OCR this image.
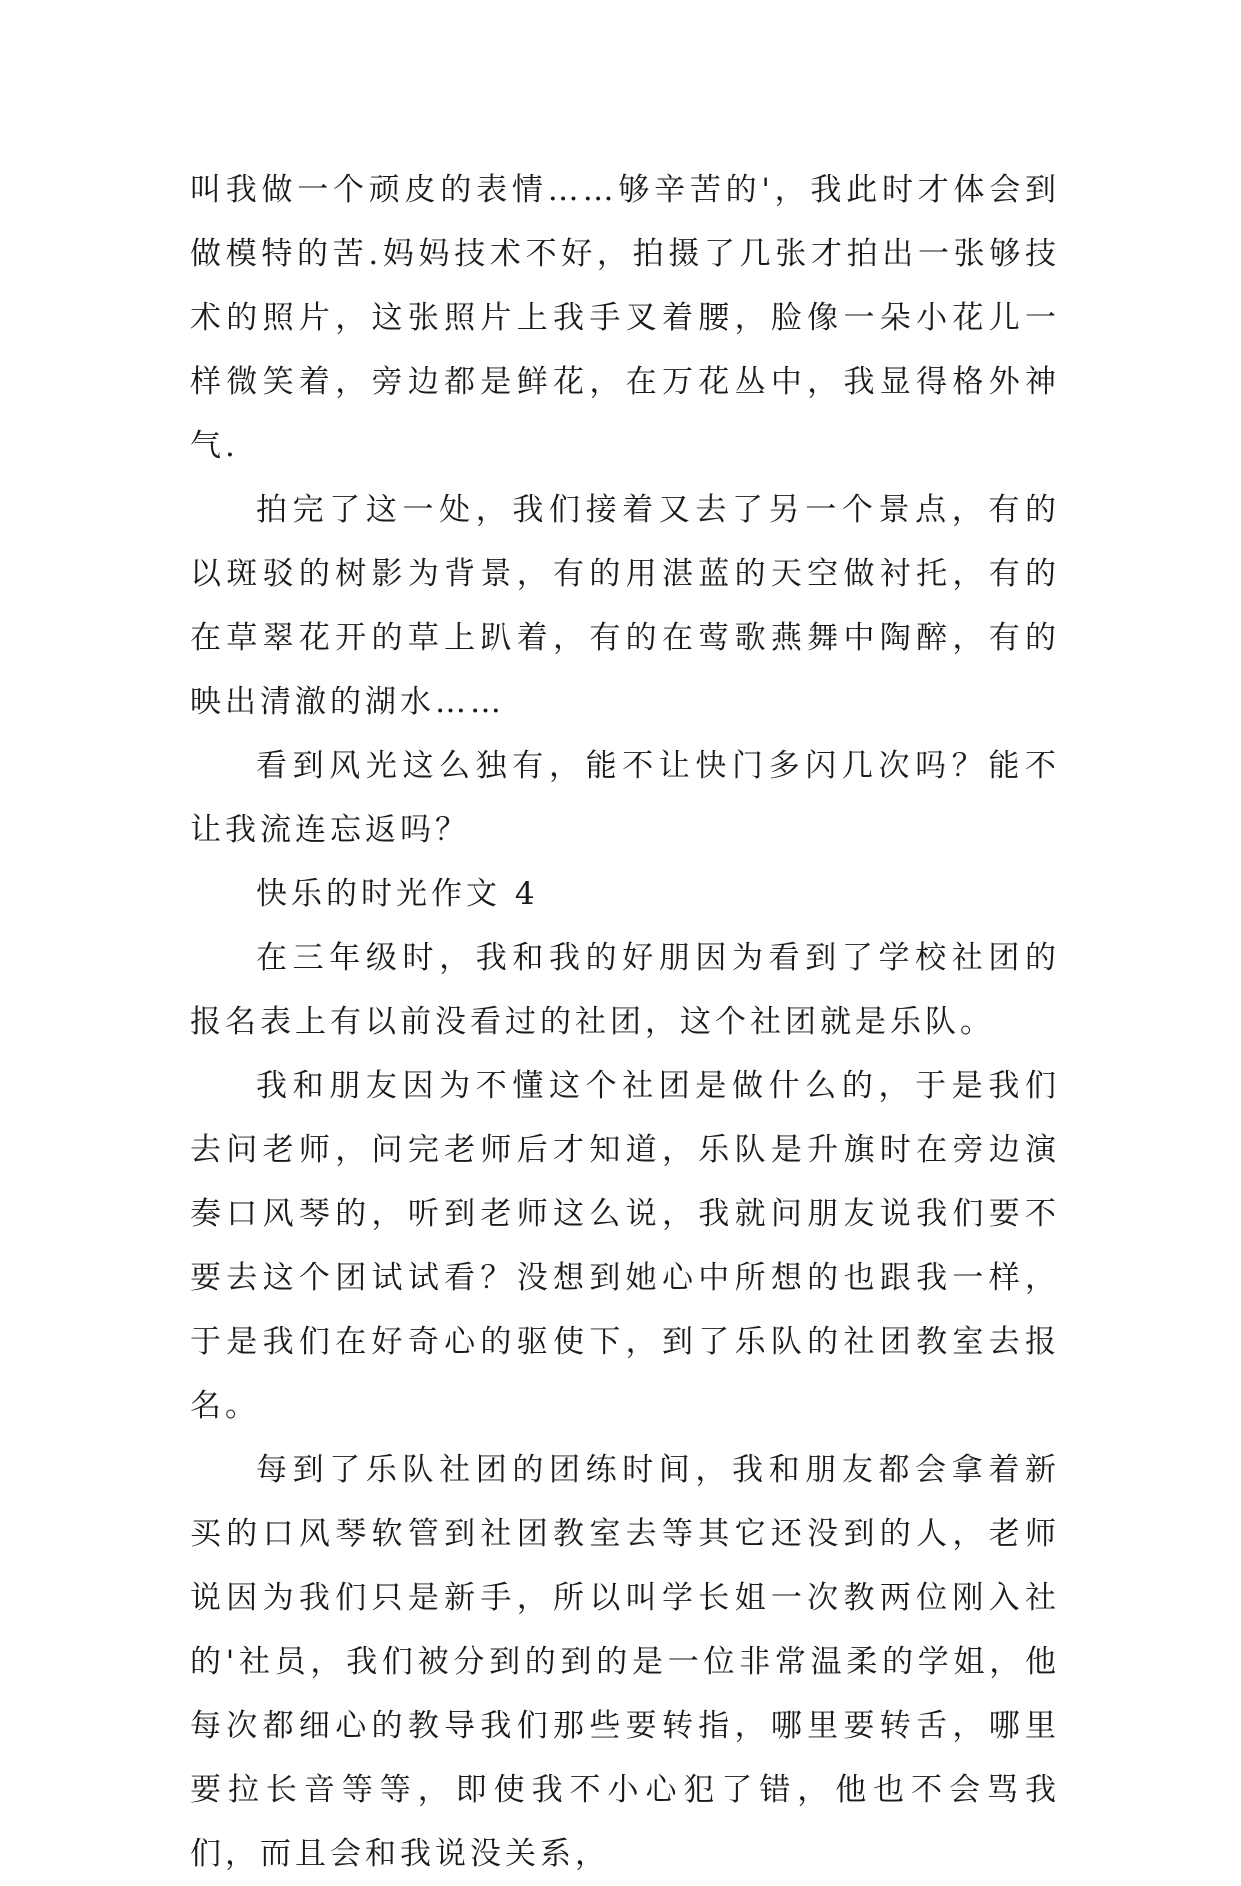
叫我做一个顽皮的表情……够辛苦的'，我此时才体会到做模特的苦.妈妈技术不好，拍摄了几张才拍出一张够技术的照片，这张照片上我手叉着腰，脸像一朵小花儿一样微笑着，旁边都是鲜花，在万花丛中，我显得格外神气.

拍完了这一处，我们接着又去了另一个景点，有的以斑驳的树影为背景，有的用湛蓝的天空做衬托，有的在草翠花开的草上趴着，有的在莺歌燕舞中陶醉，有的映出清澈的湖水……

看到风光这么独有，能不让快门多闪几次吗？能不让我流连忘返吗？

快乐的时光作文 4

在三年级时，我和我的好朋因为看到了学校社团的报名表上有以前没看过的社团，这个社团就是乐队。

我和朋友因为不懂这个社团是做什么的，于是我们去问老师，问完老师后才知道，乐队是升旗时在旁边演奏口风琴的，听到老师这么说，我就问朋友说我们要不要去这个团试试看？没想到她心中所想的也跟我一样，于是我们在好奇心的驱使下，到了乐队的社团教室去报名。

每到了乐队社团的团练时间，我和朋友都会拿着新买的口风琴软管到社团教室去等其它还没到的人，老师说因为我们只是新手，所以叫学长姐一次教两位刚入社的'社员，我们被分到的到的是一位非常温柔的学姐，他每次都细心的教导我们那些要转指，哪里要转舌，哪里要拉长音等等，即使我不小心犯了错，他也不会骂我们，而且会和我说没关系，
